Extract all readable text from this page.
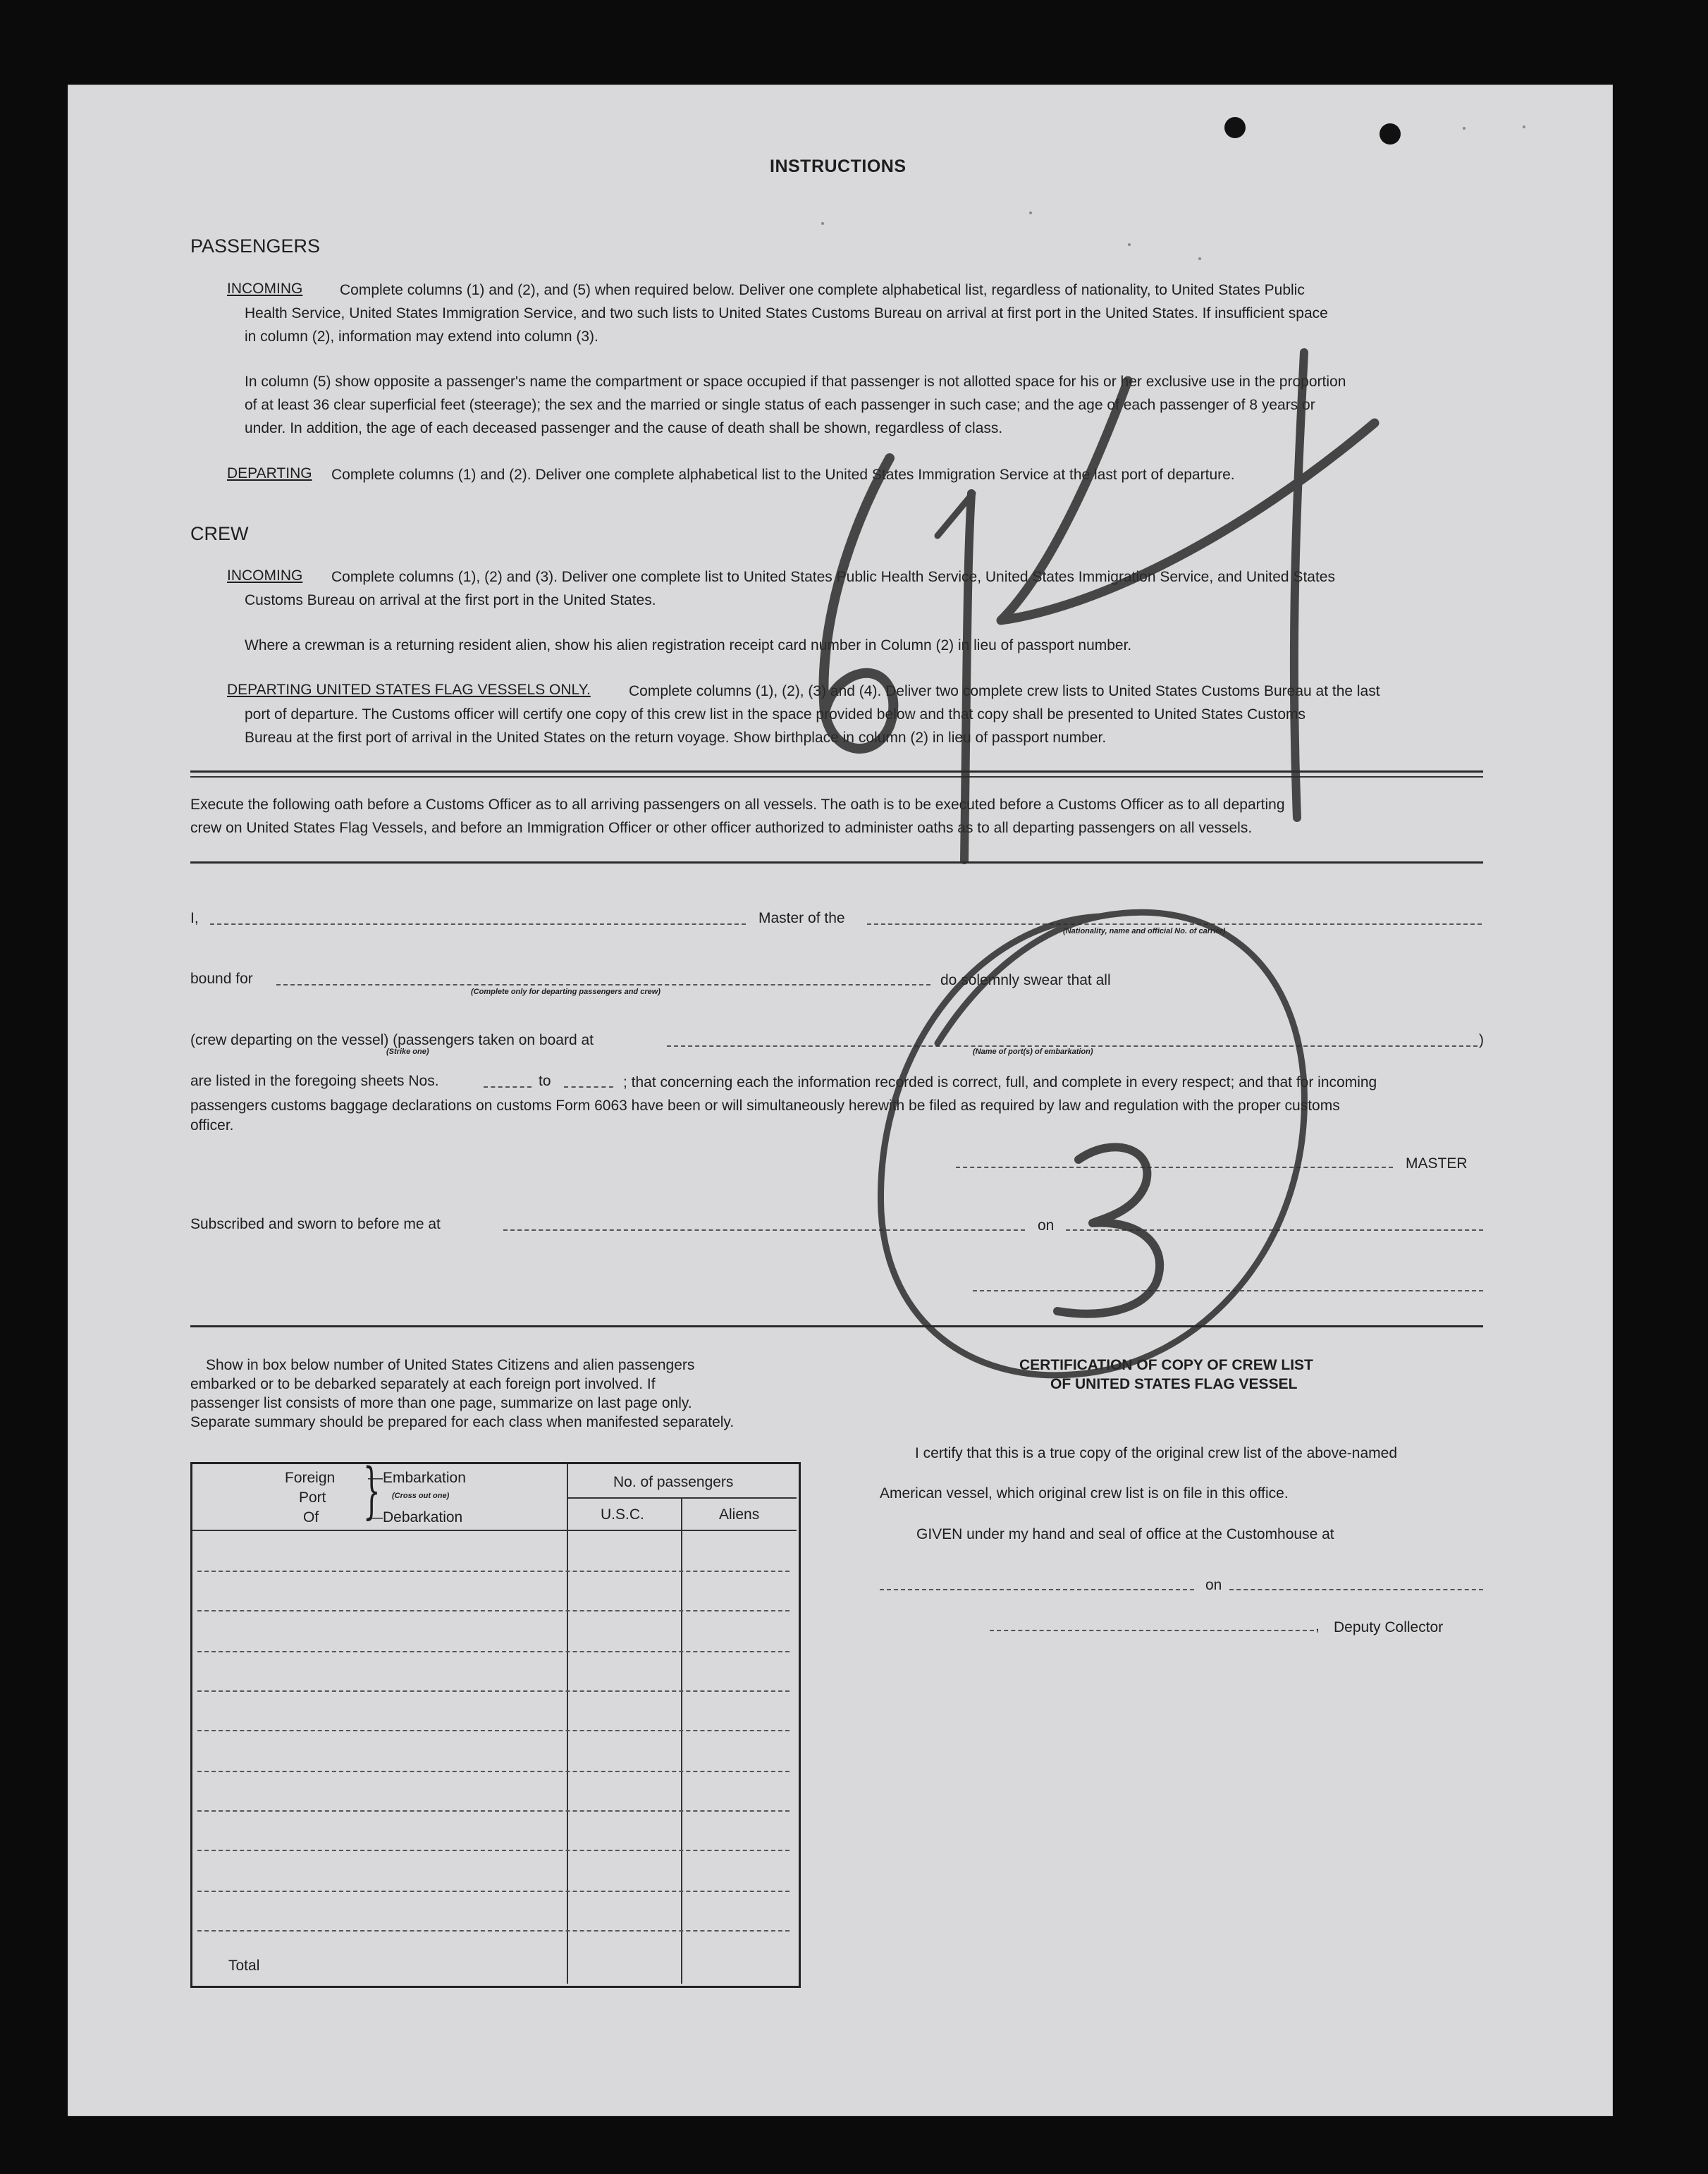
INSTRUCTIONS
PASSENGERS
INCOMING	Complete columns (1) and (2), and (5) when required below. Deliver one complete alphabetical list, regardless of nationality, to United States Public
Health Service, United States Immigration Service, and two such lists to United States Customs Bureau on arrival at first port in the United States. If insufficient space
in column (2), information may extend into column (3).
In column (5) show opposite a passenger's name the compartment or space occupied if that passenger is not allotted space for his or her exclusive use in the proportion
of at least 36 clear superficial feet (steerage); the sex and the married or single status of each passenger in such case; and the age of each passenger of 8 years or
under. In addition, the age of each deceased passenger and the cause of death shall be shown, regardless of class.
DEPARTING Complete columns (1) and (2). Deliver one complete alphabetical list to the United States Immigration Service at the last port of departure.
CREW
INCOMING Complete columns (1), (2) and (3). Deliver one complete list to United States Public Health Service, United States Immigration Service, and United States
Customs Bureau on arrival at the first port in the United States.
Where a crewman is a returning resident alien, show his alien registration receipt card number in Column (2) in lieu of passport number.
DEPARTING UNITED STATES FLAG VESSELS ONLY.	Complete columns (1), (2), (3) and (4). Deliver two complete crew lists to United States Customs Bureau at the last
port of departure. The Customs officer will certify one copy of this crew list in the space provided below and that copy shall be presented to United States Customs
Bureau at the first port of arrival in the United States on the return voyage. Show birthplace in column (2) in lieu of passport number.
Execute the following oath before a Customs Officer as to all arriving passengers on all vessels. The oath is to be executed before a Customs Officer as to all departing
crew on United States Flag Vessels, and before an Immigration Officer or other officer authorized to administer oaths as to all departing passengers on all vessels.
I,	Master of the
(Nationality, name and official No. of carrier)
bound for
(Complete only for departing passengers and crew)
do solemnly swear that all
(crew departing on the vessel) (passengers taken on board at	)
(Strike one)	(Name of port(s) of embarkation)
are listed in the foregoing sheets Nos.	to	; that concerning each the information recorded is correct, full, and complete in every respect; and that for incoming
passengers customs baggage declarations on customs Form 6063 have been or will simultaneously herewith be filed as required by law and regulation with the proper customs
officer.
MASTER
Subscribed and sworn to before me at	on
Show in box below number of United States Citizens and alien passengers
embarked or to be debarked separately at each foreign port involved. If
passenger list consists of more than one page, summarize on last page only.
Separate summary should be prepared for each class when manifested separately.
Foreign
Port
Of }
—Embarkation
(Cross out one)
—Debarkation
No. of passengers
U.S.C.	Aliens
Total
CERTIFICATION OF COPY OF CREW LIST
OF UNITED STATES FLAG VESSEL
I certify that this is a true copy of the original crew list of the above-named
American vessel, which original crew list is on file in this office.
GIVEN under my hand and seal of office at the Customhouse at
on
, Deputy Collector
